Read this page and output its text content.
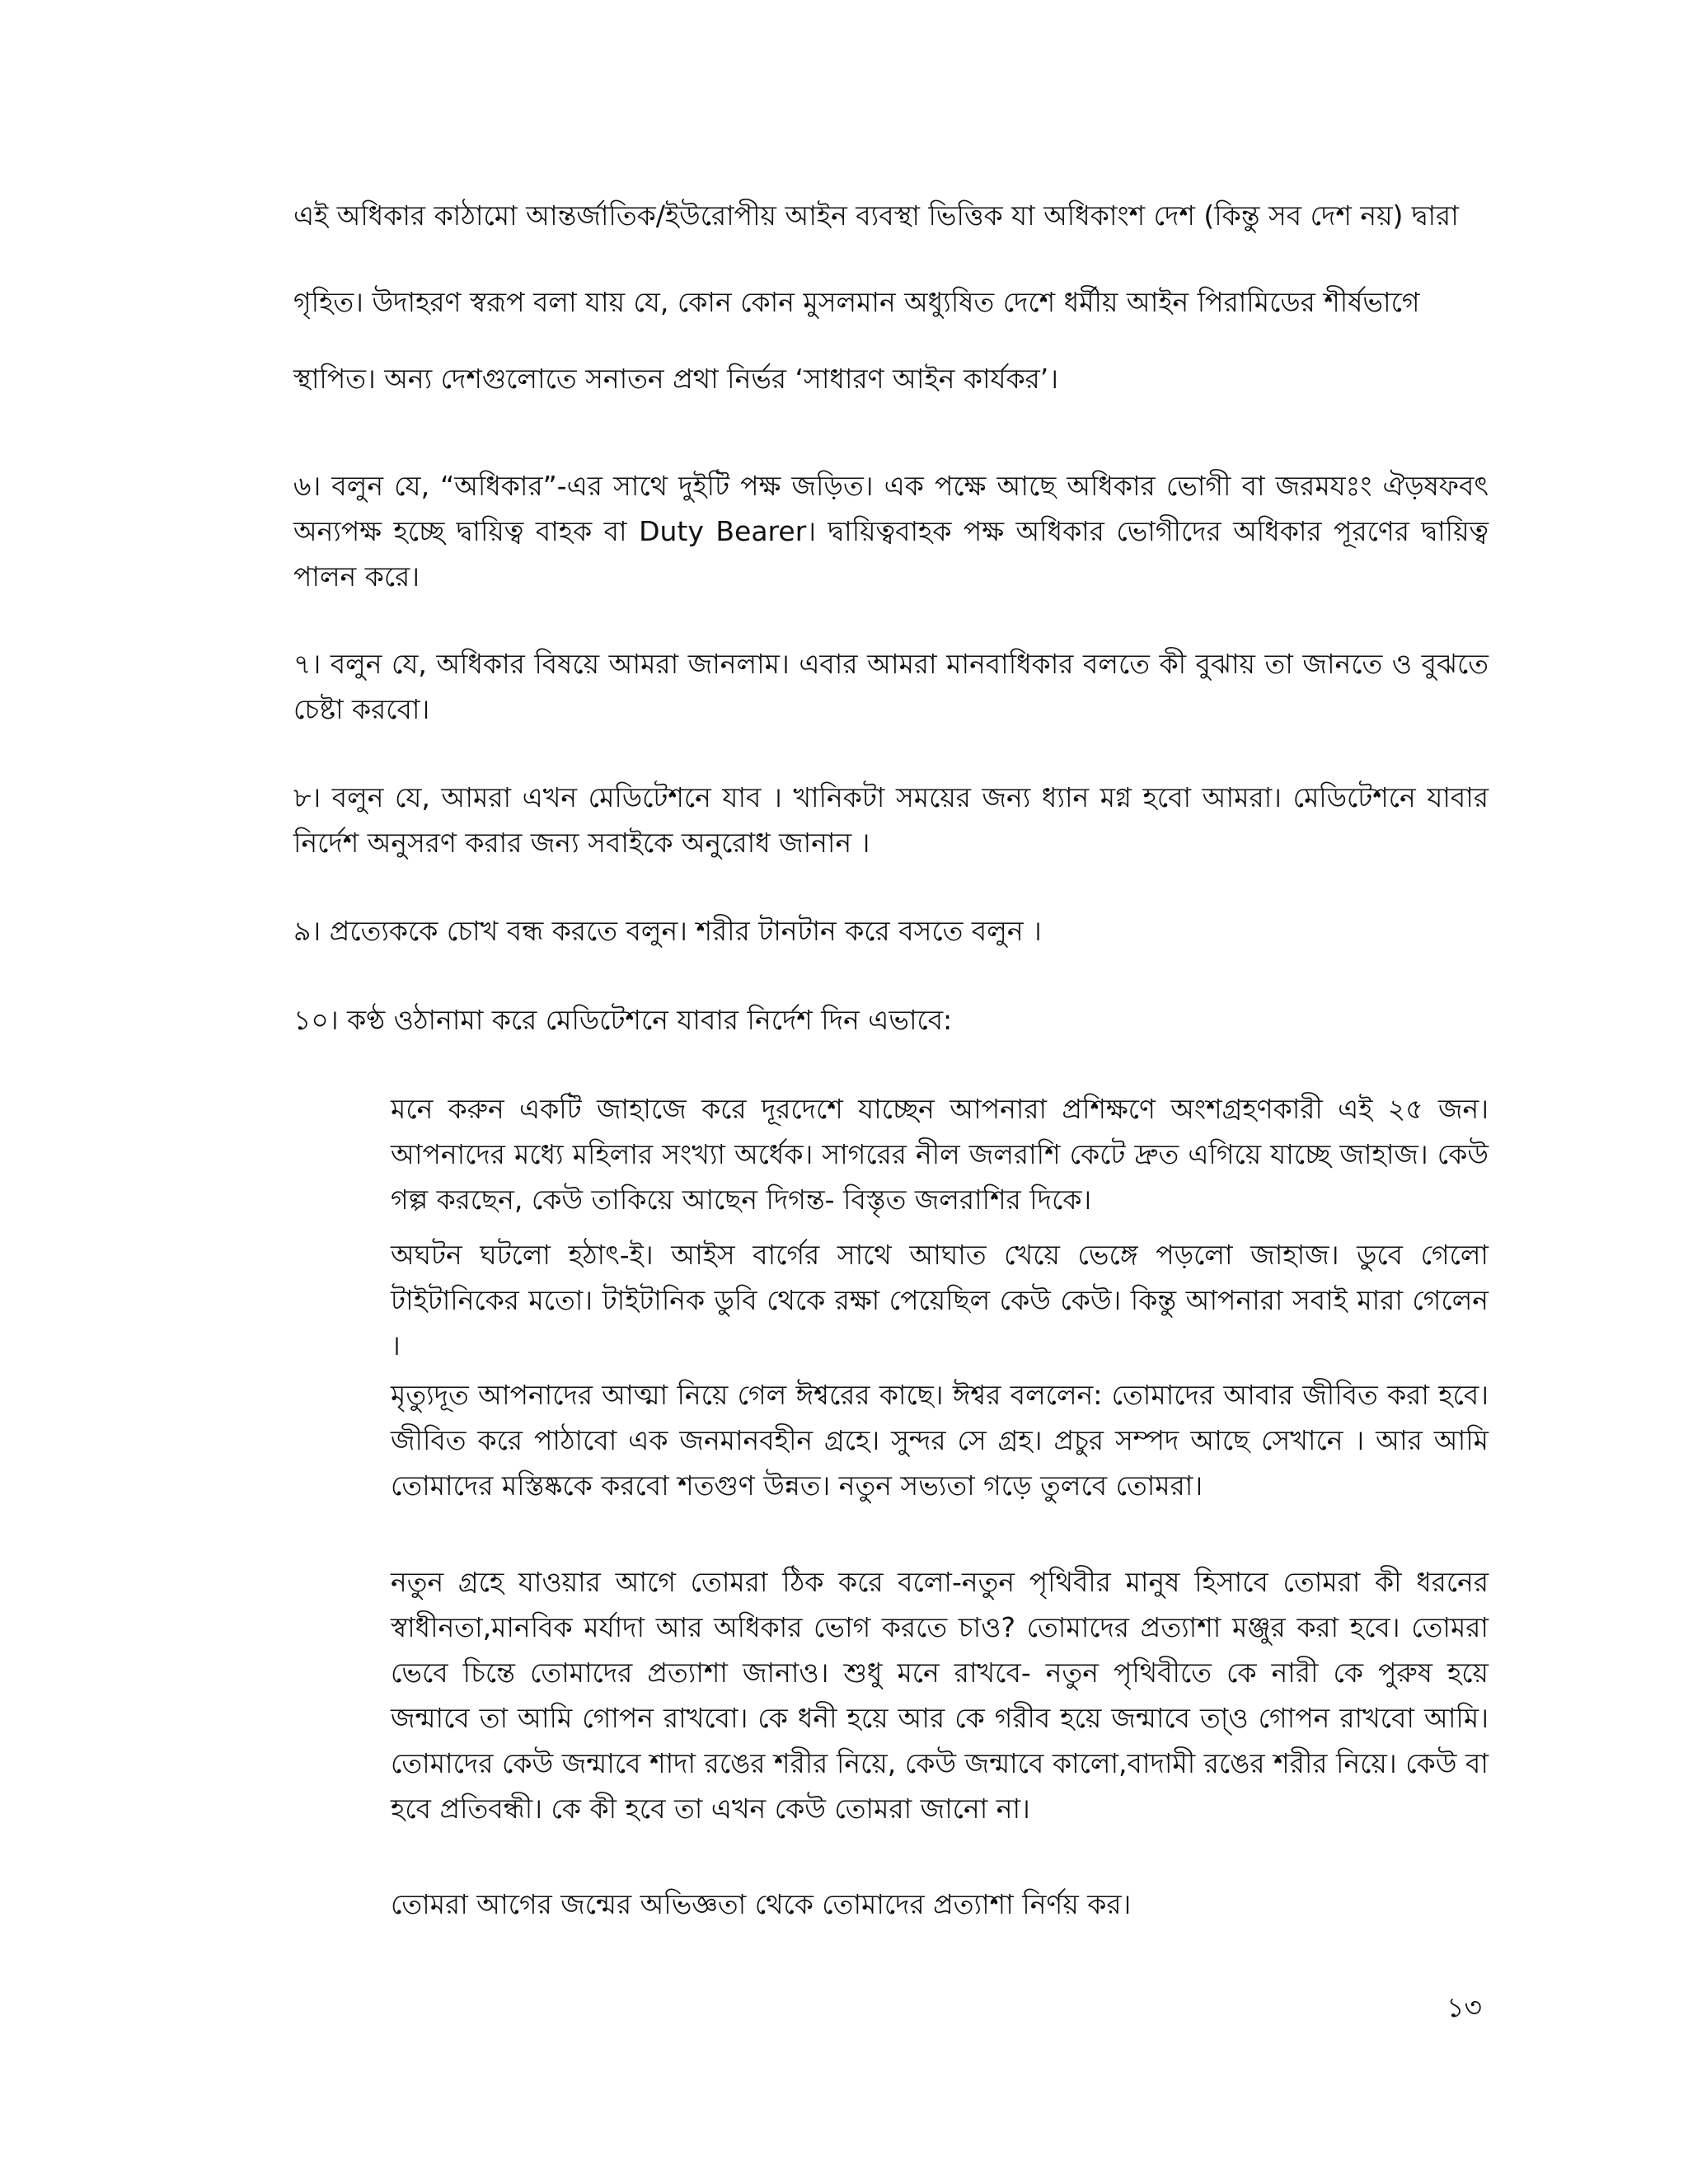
এই অধিকার কাঠামো আন্তর্জাতিক/ইউরোপীয় আইন ব্যবস্থা ভিত্তিক যা অধিকাংশ দেশ (কিন্তু সব দেশ নয়) দ্বারা
গৃহিত। উদাহরণ স্বরূপ বলা যায় যে, কোন কোন মুসলমান অধ্যুষিত দেশে ধর্মীয় আইন পিরামিডের শীর্ষভাগে
স্থাপিত। অন্য দেশগুলোতে সনাতন প্রথা নির্ভর ‘সাধারণ আইন কার্যকর’।
৬। বলুন যে, “অধিকার”-এর সাথে দুইটি পক্ষ জড়িত। এক পক্ষে আছে অধিকার ভোগী বা জরমযঃং ঐড়ষফবৎ অন্যপক্ষ হচ্ছে দ্বায়িত্ব বাহক বা Duty Bearer। দ্বায়িত্ববাহক পক্ষ অধিকার ভোগীদের অধিকার পূরণের দ্বায়িত্ব পালন করে।
৭। বলুন যে, অধিকার বিষয়ে আমরা জানলাম। এবার আমরা মানবাধিকার বলতে কী বুঝায় তা জানতে ও বুঝতে চেষ্টা করবো।
৮। বলুন যে, আমরা এখন মেডিটেশনে যাব । খানিকটা সময়ের জন্য ধ্যান মগ্ন হবো আমরা। মেডিটেশনে যাবার নির্দেশ অনুসরণ করার জন্য সবাইকে অনুরোধ জানান ।
৯। প্রত্যেককে চোখ বন্ধ করতে বলুন। শরীর টানটান করে বসতে বলুন ।
১০। কণ্ঠ ওঠানামা করে মেডিটেশনে যাবার নির্দেশ দিন এভাবে:
মনে করুন একটি জাহাজে করে দূরদেশে যাচ্ছেন আপনারা প্রশিক্ষণে অংশগ্রহণকারী এই ২৫ জন। আপনাদের মধ্যে মহিলার সংখ্যা অর্ধেক। সাগরের নীল জলরাশি কেটে দ্রুত এগিয়ে যাচ্ছে জাহাজ। কেউ গল্প করছেন, কেউ তাকিয়ে আছেন দিগন্ত- বিস্তৃত জলরাশির দিকে।
অঘটন ঘটলো হঠাৎ-ই। আইস বার্গের সাথে আঘাত খেয়ে ভেঙ্গে পড়লো জাহাজ। ডুবে গেলো টাইটানিকের মতো। টাইটানিক ডুবি থেকে রক্ষা পেয়েছিল কেউ কেউ। কিন্তু আপনারা সবাই মারা গেলেন ।
মৃত্যুদূত আপনাদের আত্মা নিয়ে গেল ঈশ্বরের কাছে। ঈশ্বর বললেন: তোমাদের আবার জীবিত করা হবে। জীবিত করে পাঠাবো এক জনমানবহীন গ্রহে। সুন্দর সে গ্রহ। প্রচুর সম্পদ আছে সেখানে । আর আমি তোমাদের মস্তিষ্ককে করবো শতগুণ উন্নত। নতুন সভ্যতা গড়ে তুলবে তোমরা।
নতুন গ্রহে যাওয়ার আগে তোমরা ঠিক করে বলো-নতুন পৃথিবীর মানুষ হিসাবে তোমরা কী ধরনের স্বাধীনতা,মানবিক মর্যাদা আর অধিকার ভোগ করতে চাও? তোমাদের প্রত্যাশা মঞ্জুর করা হবে। তোমরা ভেবে চিন্তে তোমাদের প্রত্যাশা জানাও। শুধু মনে রাখবে- নতুন পৃথিবীতে কে নারী কে পুরুষ হয়ে জন্মাবে তা আমি গোপন রাখবো। কে ধনী হয়ে আর কে গরীব হয়ে জন্মাবে তা্ও গোপন রাখবো আমি। তোমাদের কেউ জন্মাবে শাদা রঙের শরীর নিয়ে, কেউ জন্মাবে কালো,বাদামী রঙের শরীর নিয়ে। কেউ বা হবে প্রতিবন্ধী। কে কী হবে তা এখন কেউ তোমরা জানো না।
তোমরা আগের জন্মের অভিজ্ঞতা থেকে তোমাদের প্রত্যাশা নির্ণয় কর।
১৩
